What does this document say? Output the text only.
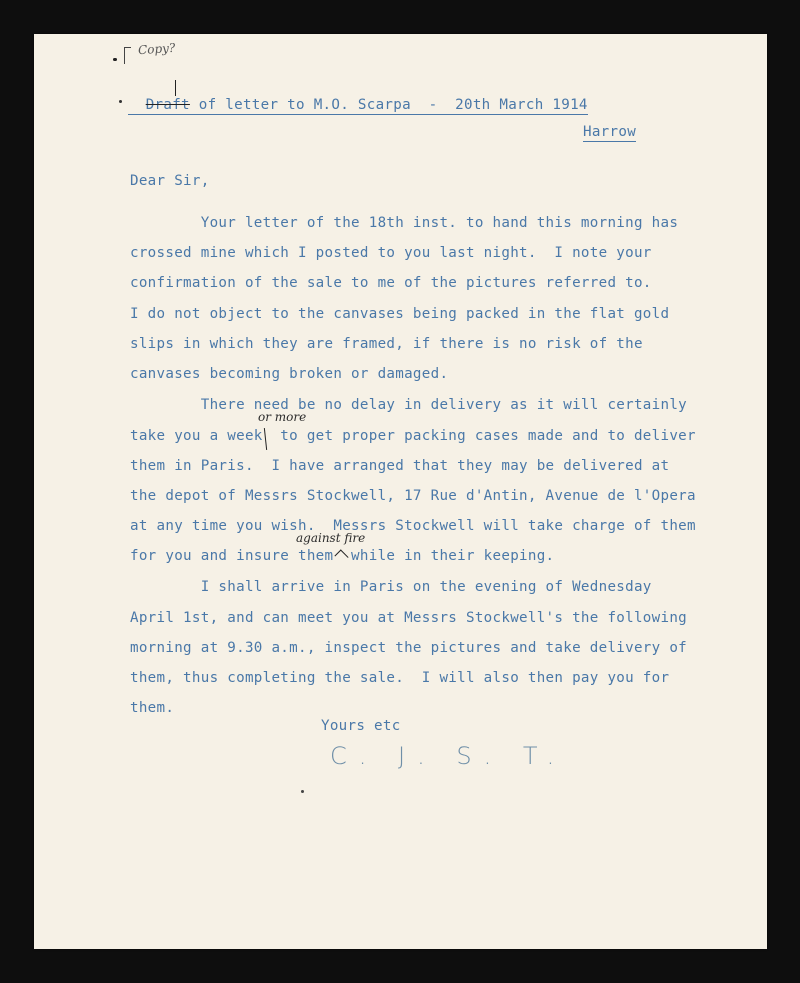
Copy?

Draft of letter to M.O. Scarpa  -  20th March 1914

Harrow
Dear Sir,
Your letter of the 18th inst. to hand this morning has
crossed mine which I posted to you last night.  I note your
confirmation of the sale to me of the pictures referred to.
I do not object to the canvases being packed in the flat gold
slips in which they are framed, if there is no risk of the
canvases becoming broken or damaged.
There need be no delay in delivery as it will certainly
or more
take you a week  to get proper packing cases made and to deliver
them in Paris.  I have arranged that they may be delivered at
the depot of Messrs Stockwell, 17 Rue d'Antin, Avenue de l'Opera
at any time you wish.  Messrs Stockwell will take charge of them
against fire
for you and insure them  while in their keeping.
I shall arrive in Paris on the evening of Wednesday
April 1st, and can meet you at Messrs Stockwell's the following
morning at 9.30 a.m., inspect the pictures and take delivery of
them, thus completing the sale.  I will also then pay you for
them.
Yours etc
C. J. S. T.
